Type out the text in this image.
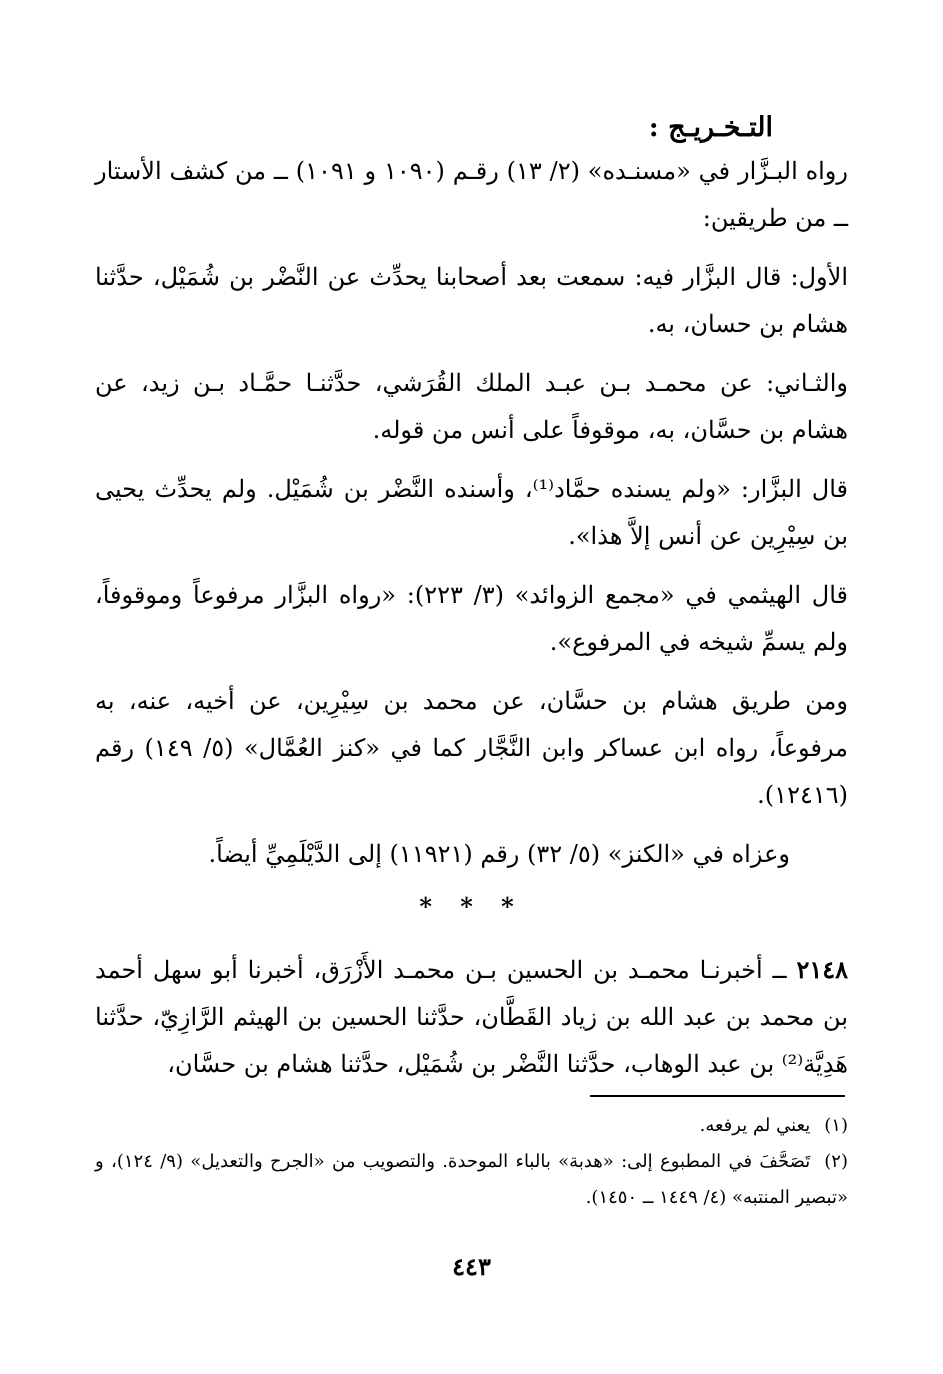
التـخـريـج :

رواه البـزَّار في «مسنـده» (٢/ ١٣) رقـم (١٠٩٠ و ١٠٩١) ــ من كشف الأستار ــ من طريقين:

الأول: قال البزَّار فيه: سمعت بعد أصحابنا يحدِّث عن النَّضْر بن شُمَيْل، حدَّثنا هشام بن حسان، به.

والثـاني: عن محمـد بـن عبـد الملك القُرَشي، حدَّثنـا حمَّـاد بـن زيد، عن هشام بن حسَّان، به، موقوفاً على أنس من قوله.

قال البزَّار: «ولم يسنده حمَّاد⁽¹⁾، وأسنده النَّضْر بن شُمَيْل. ولم يحدِّث يحيى بن سِيْرِين عن أنس إلاَّ هذا».

قال الهيثمي في «مجمع الزوائد» (٣/ ٢٢٣): «رواه البزَّار مرفوعاً وموقوفاً، ولم يسمِّ شيخه في المرفوع».

ومن طريق هشام بن حسَّان، عن محمد بن سِيْرِين، عن أخيه، عنه، به مرفوعاً، رواه ابن عساكر وابن النَّجَّار كما في «كنز العُمَّال» (٥/ ١٤٩) رقم (١٢٤١٦).

وعزاه في «الكنز» (٥/ ٣٢) رقم (١١٩٢١) إلى الدَّيْلَمِيِّ أيضاً.

* * *

٢١٤٨ ــ أخبرنـا محمـد بن الحسين بـن محمـد الأَزْرَق، أخبرنا أبو سهل أحمد بن محمد بن عبد الله بن زياد القَطَّان، حدَّثنا الحسين بن الهيثم الرَّازِيّ، حدَّثنا هَدِيَّة⁽²⁾ بن عبد الوهاب، حدَّثنا النَّضْر بن شُمَيْل، حدَّثنا هشام بن حسَّان،

(١)يعني لم يرفعه.

(٢)تَصَحَّفَ في المطبوع إلى: «هدبة» بالباء الموحدة. والتصويب من «الجرح والتعديل» (٩/ ١٢٤)، و «تبصير المنتبه» (٤/ ١٤٤٩ ــ ١٤٥٠).

٤٤٣
